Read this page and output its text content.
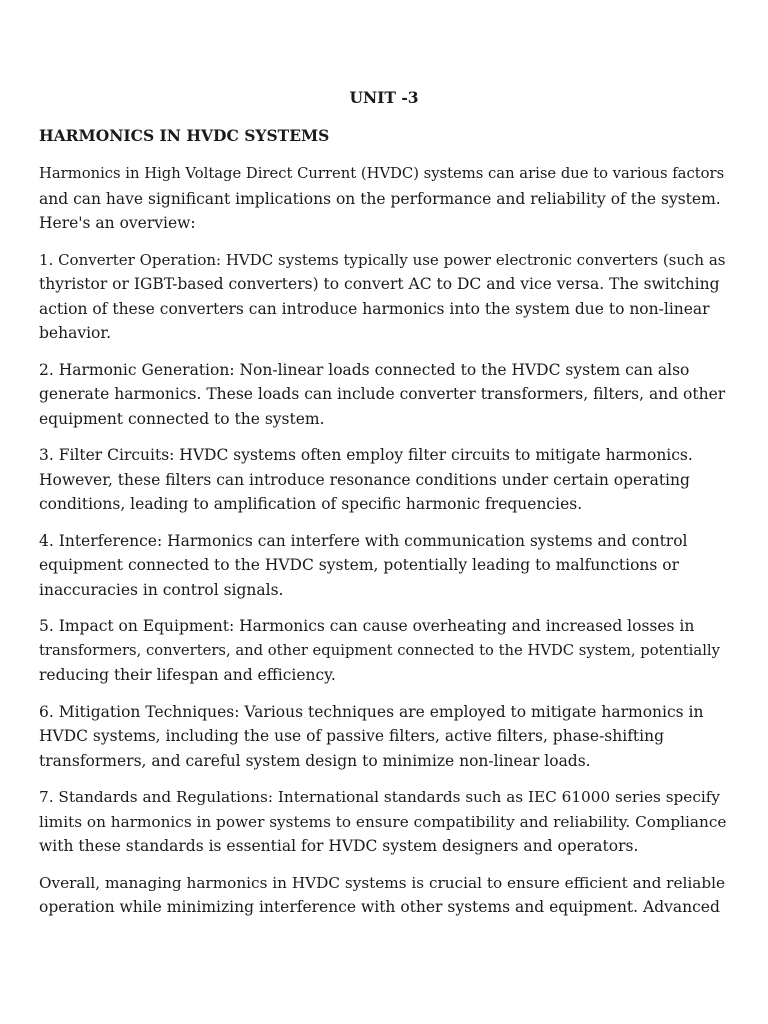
UNIT -3
HARMONICS IN HVDC SYSTEMS

Harmonics in High Voltage Direct Current (HVDC) systems can arise due to various factors
and can have significant implications on the performance and reliability of the system.
Here's an overview:

1. Converter Operation: HVDC systems typically use power electronic converters (such as
thyristor or IGBT-based converters) to convert AC to DC and vice versa. The switching
action of these converters can introduce harmonics into the system due to non-linear
behavior.

2. Harmonic Generation: Non-linear loads connected to the HVDC system can also
generate harmonics. These loads can include converter transformers, filters, and other
equipment connected to the system.

3. Filter Circuits: HVDC systems often employ filter circuits to mitigate harmonics.
However, these filters can introduce resonance conditions under certain operating
conditions, leading to amplification of specific harmonic frequencies.

4. Interference: Harmonics can interfere with communication systems and control
equipment connected to the HVDC system, potentially leading to malfunctions or
inaccuracies in control signals.

5. Impact on Equipment: Harmonics can cause overheating and increased losses in
transformers, converters, and other equipment connected to the HVDC system, potentially
reducing their lifespan and efficiency.

6. Mitigation Techniques: Various techniques are employed to mitigate harmonics in
HVDC systems, including the use of passive filters, active filters, phase-shifting
transformers, and careful system design to minimize non-linear loads.

7. Standards and Regulations: International standards such as IEC 61000 series specify
limits on harmonics in power systems to ensure compatibility and reliability. Compliance
with these standards is essential for HVDC system designers and operators.

Overall, managing harmonics in HVDC systems is crucial to ensure efficient and reliable
operation while minimizing interference with other systems and equipment. Advanced
